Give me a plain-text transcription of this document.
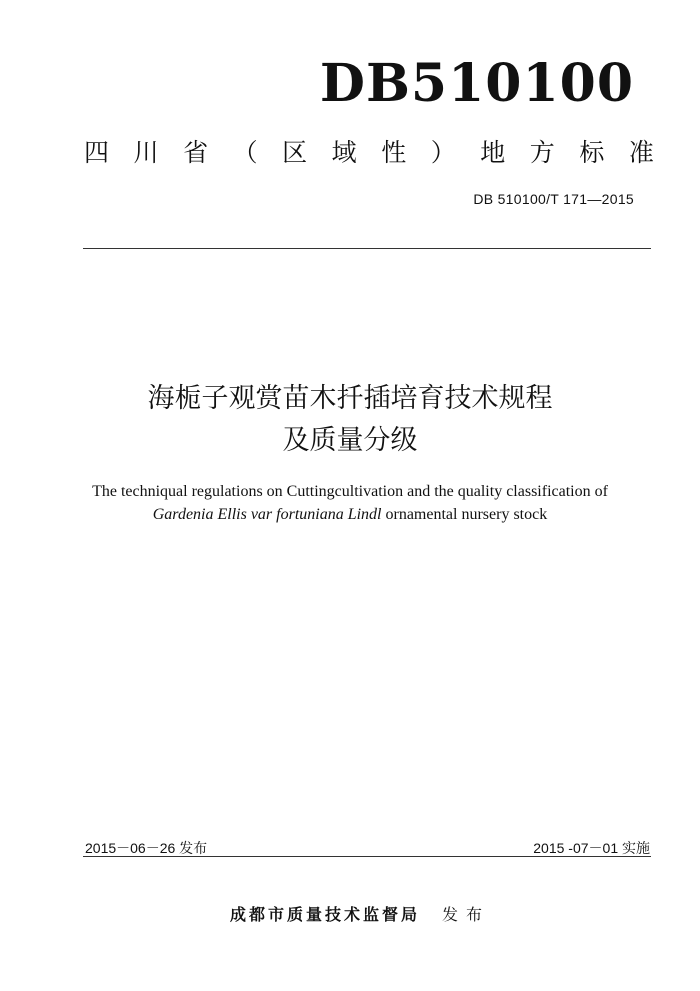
DB510100
四 川 省 （ 区 域 性 ） 地 方 标 准
DB 510100/T 171—2015
海栀子观赏苗木扦插培育技术规程
及质量分级
The techniqual regulations on Cuttingcultivation and the quality classification of
Gardenia Ellis var fortuniana Lindl ornamental nursery stock
2015－06－26 发布	2015 -07－01 实施
成都市质量技术监督局 发布
